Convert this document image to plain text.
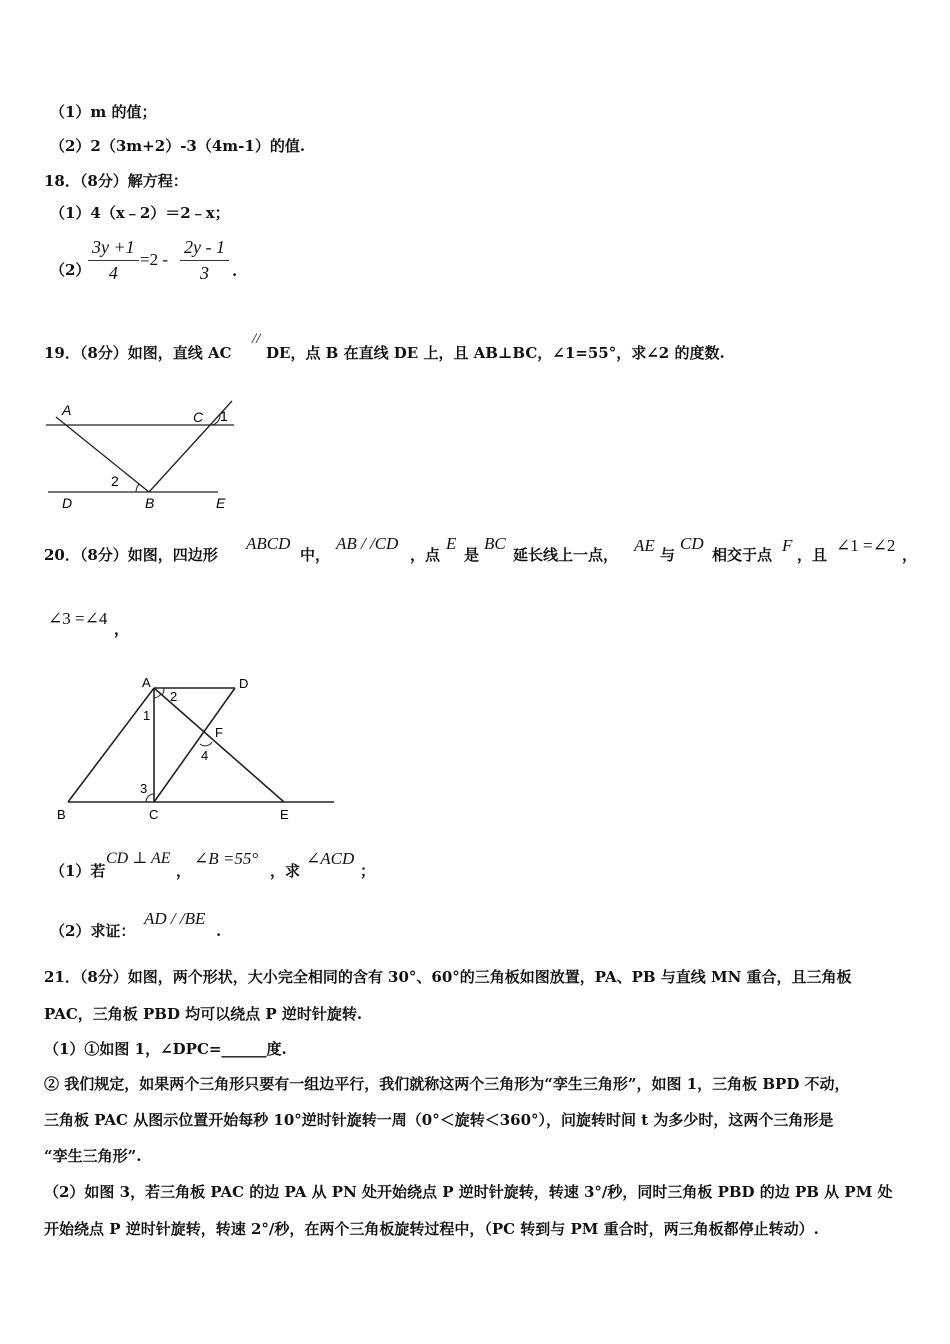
（1）m 的值；
（2）2（3m+2）-3（4m-1）的值.
18．（8分）解方程：
（1）4（x﹣2）＝2﹣x；
（2）
$\frac{3y +1}{4} =2 - \frac{2y - 1}{3}$ .
19．（8分）如图，直线 AC
//
DE，点 B 在直线 DE 上，且 AB⊥BC，∠1=55°，求∠2 的度数.
A	C 1
2
D	B	E
20．（8分）如图，四边形
ABCD
中，
AB / /CD
，点
E
是
BC
延长线上一点， AE 与
CD
相交于点 F ，且 ∠1 =∠2 ，
∠3 =∠4
，
A	D
1
2
F
4
3
B	C	E
（1）若
CD ⊥ AE
，
∠B =55°
，求
∠ACD
；
（2）求证：
AD / /BE
.
21．（8分）如图，两个形状，大小完全相同的含有 30°、60°的三角板如图放置，PA、PB 与直线 MN 重合，且三角板
PAC，三角板 PBD 均可以绕点 P 逆时针旋转.
（1）①如图 1，∠DPC=______度.
② 我们规定，如果两个三角形只要有一组边平行，我们就称这两个三角形为“孪生三角形”，如图 1，三角板 BPD 不动，
三角板 PAC 从图示位置开始每秒 10°逆时针旋转一周（0°＜旋转＜360°），问旋转时间 t 为多少时，这两个三角形是
“孪生三角形”.
（2）如图 3，若三角板 PAC 的边 PA 从 PN 处开始绕点 P 逆时针旋转，转速 3°/秒，同时三角板 PBD 的边 PB 从 PM 处
开始绕点 P 逆时针旋转，转速 2°/秒，在两个三角板旋转过程中，（PC 转到与 PM 重合时，两三角板都停止转动）.
